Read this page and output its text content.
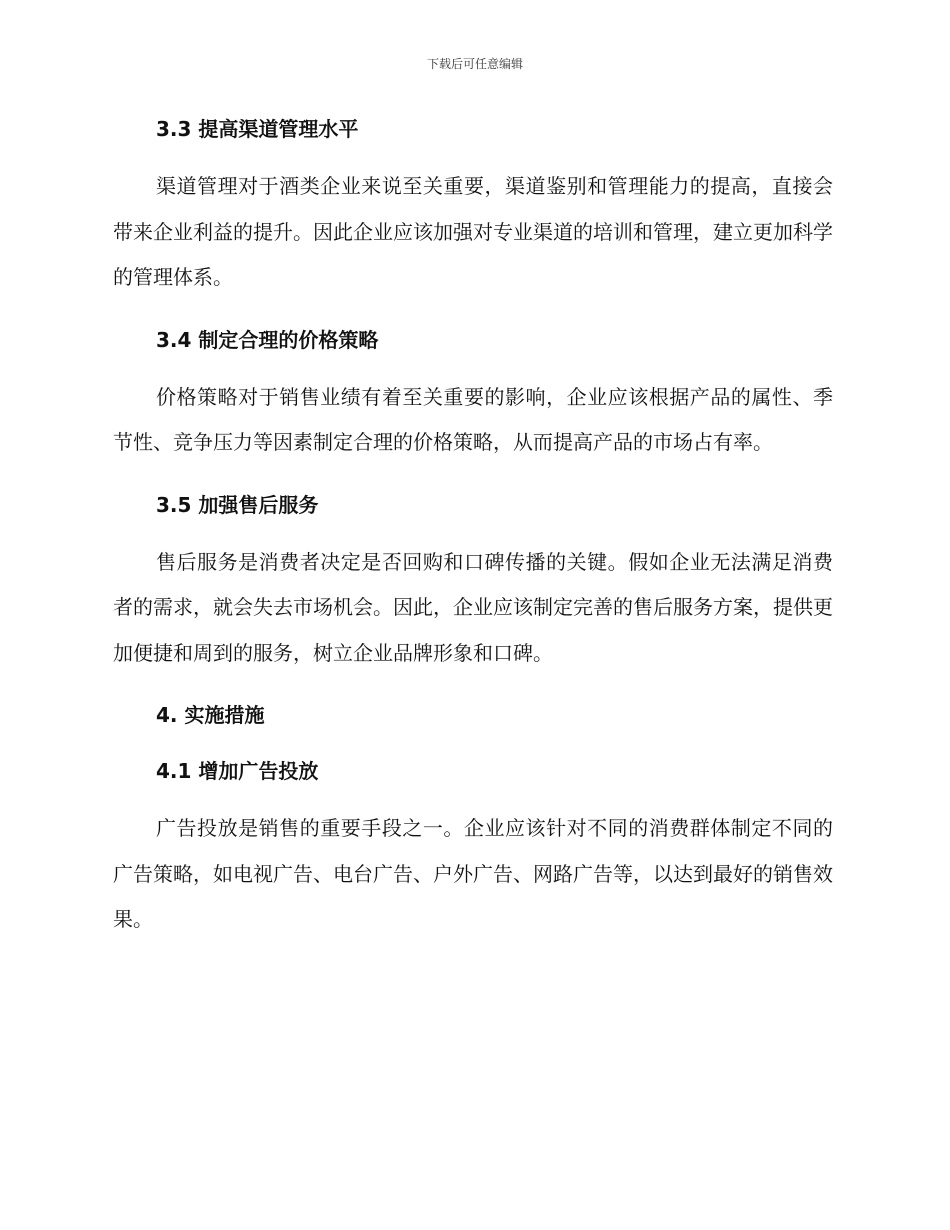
下载后可任意编辑
3.3 提高渠道管理水平

渠道管理对于酒类企业来说至关重要，渠道鉴别和管理能力的提高，直接会带来企业利益的提升。因此企业应该加强对专业渠道的培训和管理，建立更加科学的管理体系。

3.4 制定合理的价格策略

价格策略对于销售业绩有着至关重要的影响，企业应该根据产品的属性、季节性、竞争压力等因素制定合理的价格策略，从而提高产品的市场占有率。

3.5 加强售后服务

售后服务是消费者决定是否回购和口碑传播的关键。假如企业无法满足消费者的需求，就会失去市场机会。因此，企业应该制定完善的售后服务方案，提供更加便捷和周到的服务，树立企业品牌形象和口碑。

4. 实施措施
4.1 增加广告投放

广告投放是销售的重要手段之一。企业应该针对不同的消费群体制定不同的广告策略，如电视广告、电台广告、户外广告、网路广告等，以达到最好的销售效果。
